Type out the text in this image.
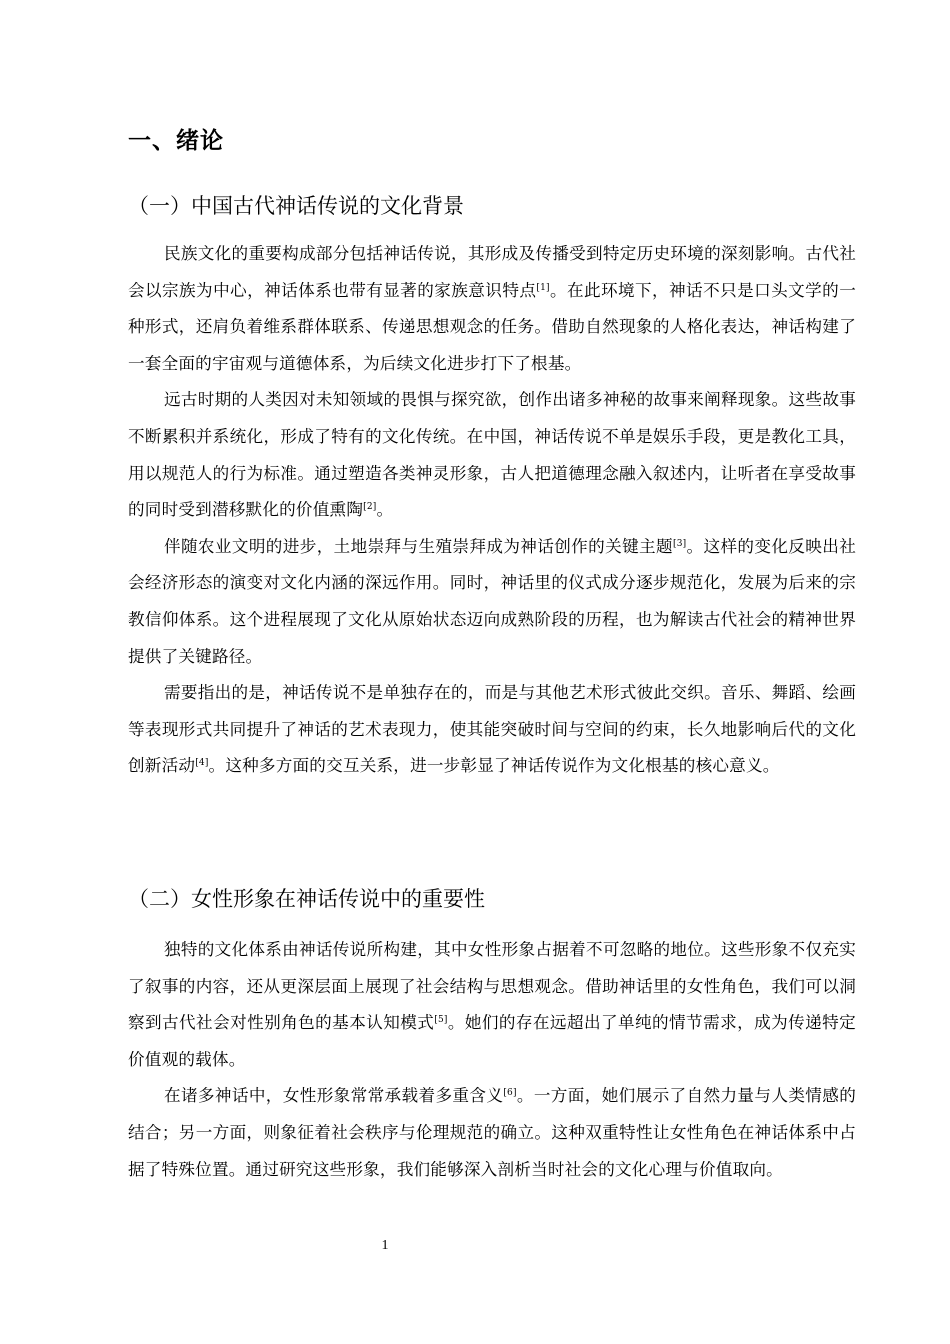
一、绪论
（一）中国古代神话传说的文化背景

民族文化的重要构成部分包括神话传说，其形成及传播受到特定历史环境的深刻影响。古代社会以宗族为中心，神话体系也带有显著的家族意识特点[1]。在此环境下，神话不只是口头文学的一种形式，还肩负着维系群体联系、传递思想观念的任务。借助自然现象的人格化表达，神话构建了一套全面的宇宙观与道德体系，为后续文化进步打下了根基。

远古时期的人类因对未知领域的畏惧与探究欲，创作出诸多神秘的故事来阐释现象。这些故事不断累积并系统化，形成了特有的文化传统。在中国，神话传说不单是娱乐手段，更是教化工具，用以规范人的行为标准。通过塑造各类神灵形象，古人把道德理念融入叙述内，让听者在享受故事的同时受到潜移默化的价值熏陶[2]。

伴随农业文明的进步，土地崇拜与生殖崇拜成为神话创作的关键主题[3]。这样的变化反映出社会经济形态的演变对文化内涵的深远作用。同时，神话里的仪式成分逐步规范化，发展为后来的宗教信仰体系。这个进程展现了文化从原始状态迈向成熟阶段的历程，也为解读古代社会的精神世界提供了关键路径。

需要指出的是，神话传说不是单独存在的，而是与其他艺术形式彼此交织。音乐、舞蹈、绘画等表现形式共同提升了神话的艺术表现力，使其能突破时间与空间的约束，长久地影响后代的文化创新活动[4]。这种多方面的交互关系，进一步彰显了神话传说作为文化根基的核心意义。

（二）女性形象在神话传说中的重要性

独特的文化体系由神话传说所构建，其中女性形象占据着不可忽略的地位。这些形象不仅充实了叙事的内容，还从更深层面上展现了社会结构与思想观念。借助神话里的女性角色，我们可以洞察到古代社会对性别角色的基本认知模式[5]。她们的存在远超出了单纯的情节需求，成为传递特定价值观的载体。

在诸多神话中，女性形象常常承载着多重含义[6]。一方面，她们展示了自然力量与人类情感的结合；另一方面，则象征着社会秩序与伦理规范的确立。这种双重特性让女性角色在神话体系中占据了特殊位置。通过研究这些形象，我们能够深入剖析当时社会的文化心理与价值取向。

1
